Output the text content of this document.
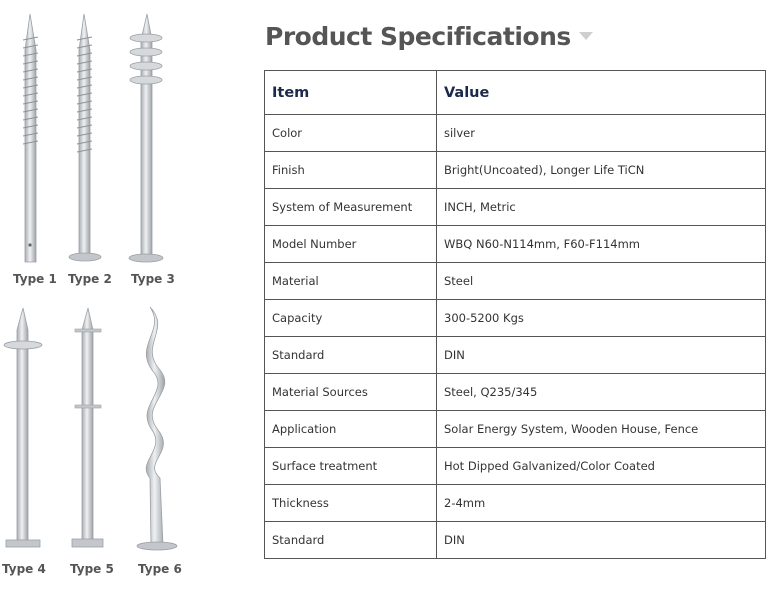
Type 1 Type 2 Type 3
Type 4 Type 5 Type 6
Product Specifications
Item	Value
Color	silver
Finish	Bright(Uncoated), Longer Life TiCN
System of Measurement	INCH, Metric
Model Number	WBQ N60-N114mm, F60-F114mm
Material	Steel
Capacity	300-5200 Kgs
Standard	DIN
Material Sources	Steel, Q235/345
Application	Solar Energy System, Wooden House, Fence
Surface treatment	Hot Dipped Galvanized/Color Coated
Thickness	2-4mm
Standard	DIN
